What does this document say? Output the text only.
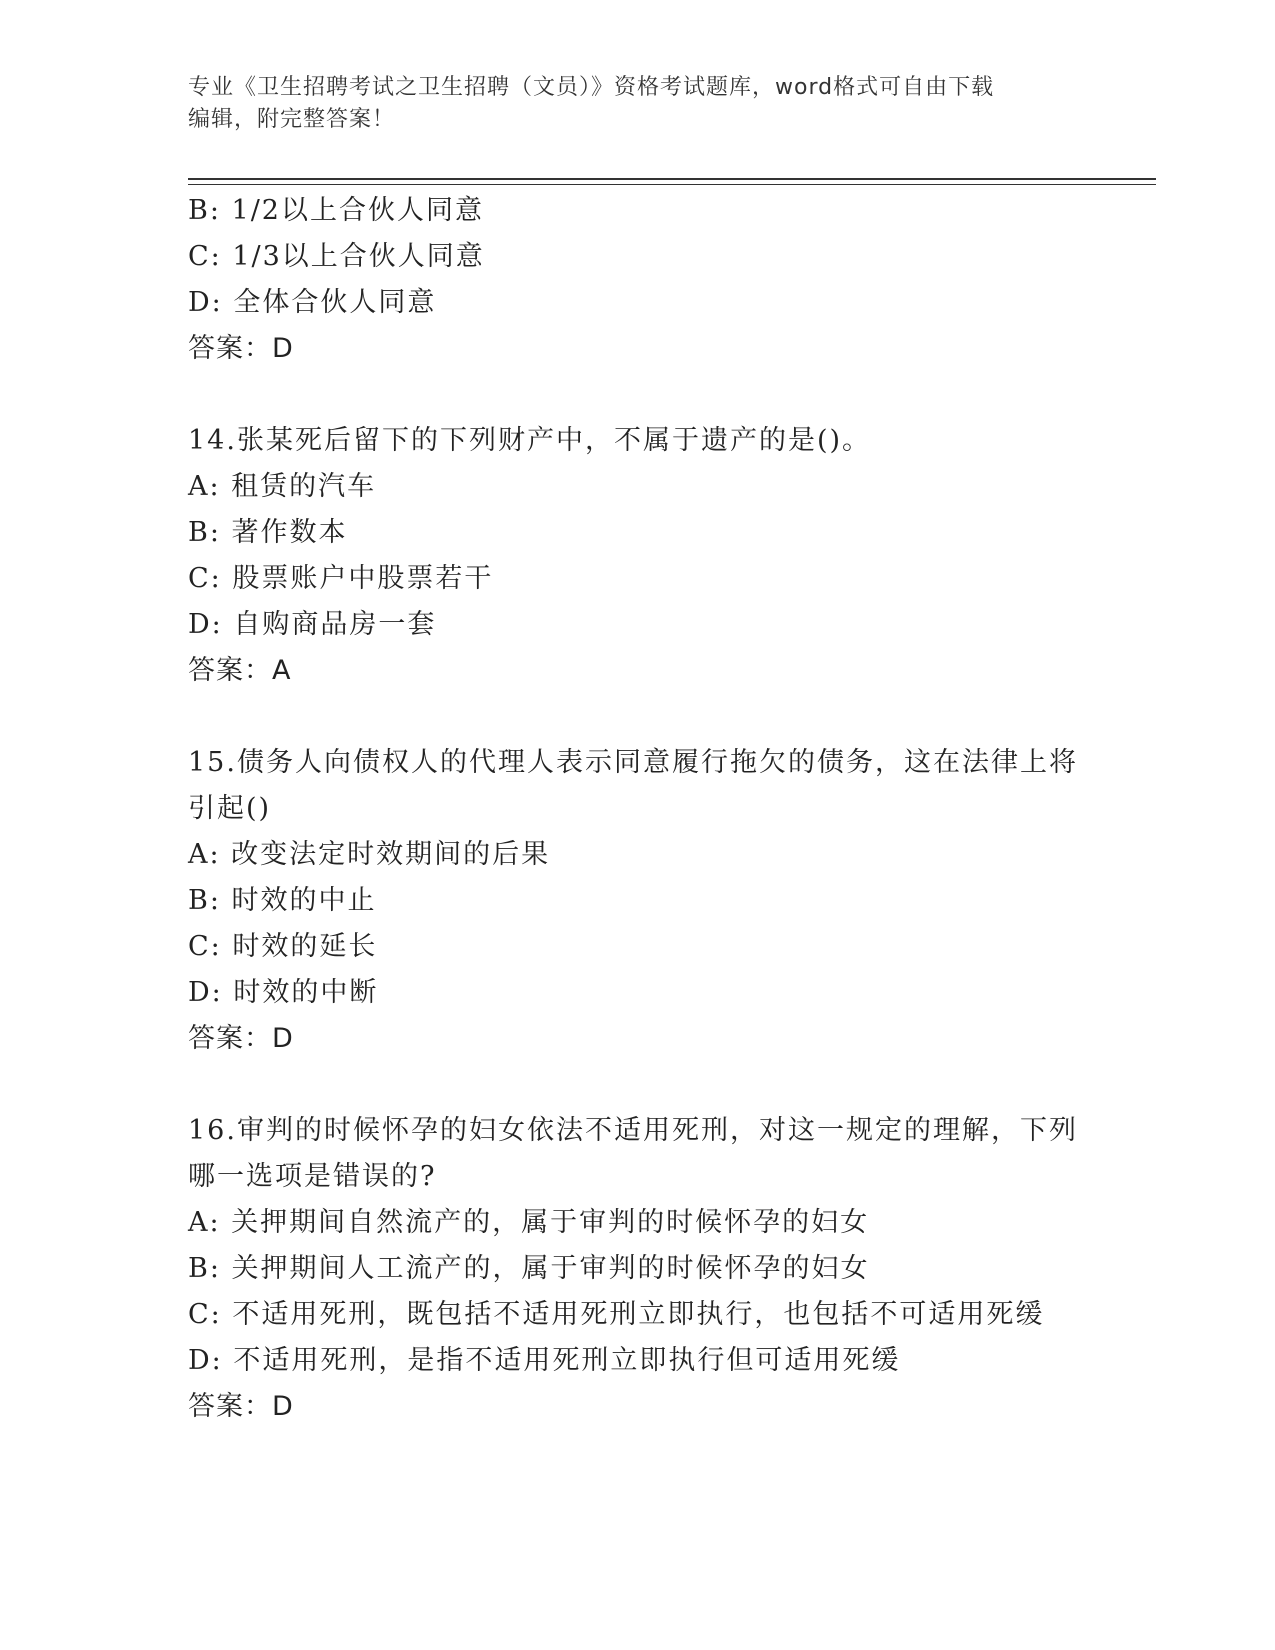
专业《卫生招聘考试之卫生招聘（文员）》资格考试题库，word格式可自由下载
编辑，附完整答案！
B: 1/2以上合伙人同意
C: 1/3以上合伙人同意
D: 全体合伙人同意
答案：D
14.张某死后留下的下列财产中，不属于遗产的是()。
A: 租赁的汽车
B: 著作数本
C: 股票账户中股票若干
D: 自购商品房一套
答案：A
15.债务人向债权人的代理人表示同意履行拖欠的债务，这在法律上将引起()
A: 改变法定时效期间的后果
B: 时效的中止
C: 时效的延长
D: 时效的中断
答案：D
16.审判的时候怀孕的妇女依法不适用死刑，对这一规定的理解，下列哪一选项是错误的?
A: 关押期间自然流产的，属于审判的时候怀孕的妇女
B: 关押期间人工流产的，属于审判的时候怀孕的妇女
C: 不适用死刑，既包括不适用死刑立即执行，也包括不可适用死缓
D: 不适用死刑，是指不适用死刑立即执行但可适用死缓
答案：D
